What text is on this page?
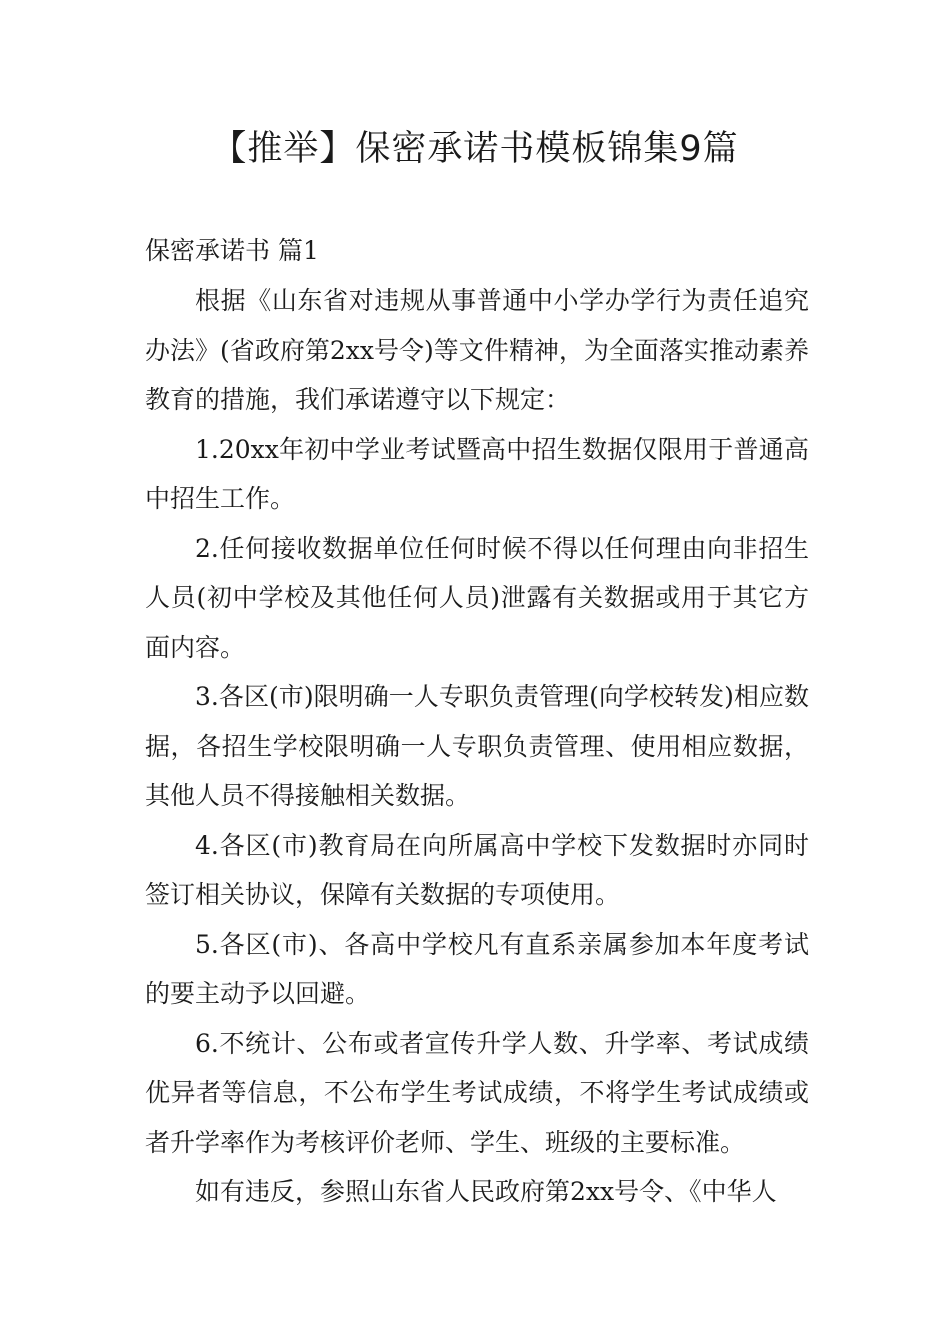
【推举】保密承诺书模板锦集9篇

保密承诺书 篇1

根据《山东省对违规从事普通中小学办学行为责任追究办法》(省政府第2xx号令)等文件精神，为全面落实推动素养教育的措施，我们承诺遵守以下规定：

1.20xx年初中学业考试暨高中招生数据仅限用于普通高中招生工作。

2.任何接收数据单位任何时候不得以任何理由向非招生人员(初中学校及其他任何人员)泄露有关数据或用于其它方面内容。

3.各区(市)限明确一人专职负责管理(向学校转发)相应数据，各招生学校限明确一人专职负责管理、使用相应数据，其他人员不得接触相关数据。

4.各区(市)教育局在向所属高中学校下发数据时亦同时签订相关协议，保障有关数据的专项使用。

5.各区(市)、各高中学校凡有直系亲属参加本年度考试的要主动予以回避。

6.不统计、公布或者宣传升学人数、升学率、考试成绩优异者等信息，不公布学生考试成绩，不将学生考试成绩或者升学率作为考核评价老师、学生、班级的主要标准。

如有违反，参照山东省人民政府第2xx号令、《中华人
